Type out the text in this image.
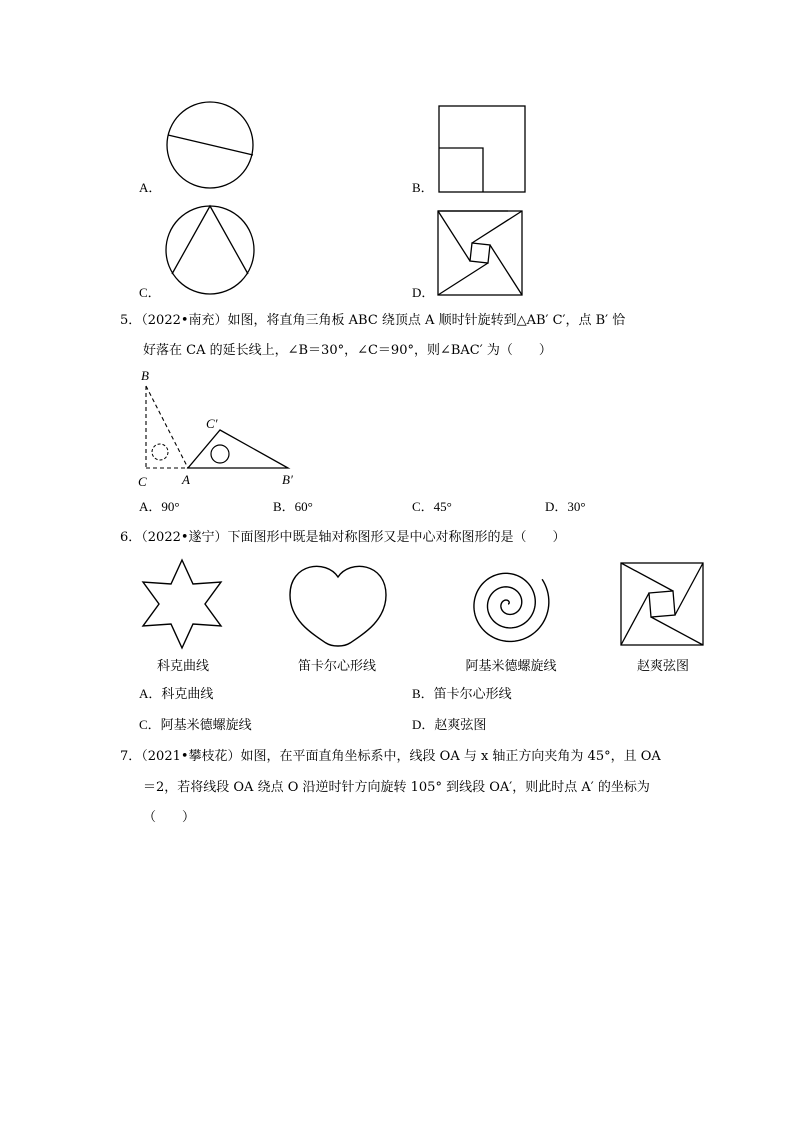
A．	B．
C．	D．
5．（2022•南充）如图，将直角三角板 ABC 绕顶点 A 顺时针旋转到△AB′ C′，点 B′ 恰
好落在 CA 的延长线上，∠B＝30°，∠C＝90°，则∠BAC′ 为（　　）
B
C	A
C′
B′
A．90°	B．60°	C．45°	D．30°
6．（2022•遂宁）下面图形中既是轴对称图形又是中心对称图形的是（　　）
科克曲线	笛卡尔心形线	阿基米德螺旋线	赵爽弦图
A．科克曲线	B．笛卡尔心形线
C．阿基米德螺旋线	D．赵爽弦图
7．（2021•攀枝花）如图，在平面直角坐标系中，线段 OA 与 x 轴正方向夹角为 45°，且 OA
＝2，若将线段 OA 绕点 O 沿逆时针方向旋转 105° 到线段 OA′，则此时点 A′ 的坐标为
（　　）
